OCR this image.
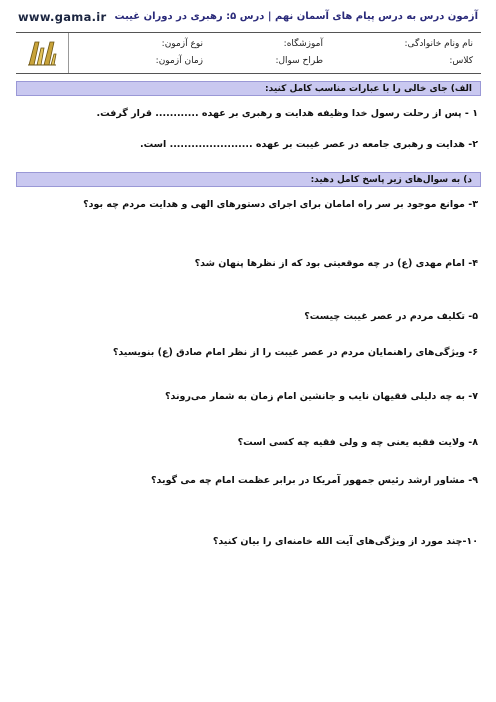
www.gama.ir آزمون درس به درس پیام های آسمان نهم | درس ۵: رهبری در دوران غیبت
نام ونام خانوادگی:
آموزشگاه:
نوع آزمون:
کلاس:
طراح سوال:
زمان آزمون:
الف) جای خالی را با عبارات مناسب کامل کنید:
۱ - پس از رحلت رسول خدا وظیفه هدایت و رهبری بر عهده ............ قرار گرفت.
۲- هدایت و رهبری جامعه در عصر غیبت بر عهده ....................... است.
د) به سوال‌های زیر پاسخ کامل دهید:
۳- موانع موجود بر سر راه امامان برای اجرای دستورهای الهی و هدایت مردم چه بود؟
۴- امام مهدی (ع) در چه موقعیتی بود که از نظرها پنهان شد؟
۵- تکلیف مردم در عصر غیبت چیست؟
۶- ویژگی‌های راهنمایان مردم در عصر غیبت را از نظر امام صادق (ع) بنویسید؟
۷- به چه دلیلی فقیهان نایب و جانشین امام زمان به شمار می‌روند؟
۸- ولایت فقیه یعنی چه و ولی فقیه چه کسی است؟
۹- مشاور ارشد رئیس جمهور آمریکا در برابر عظمت امام چه می گوید؟
۱۰-چند مورد از ویژگی‌های آیت الله خامنه‌ای را بیان کنید؟
